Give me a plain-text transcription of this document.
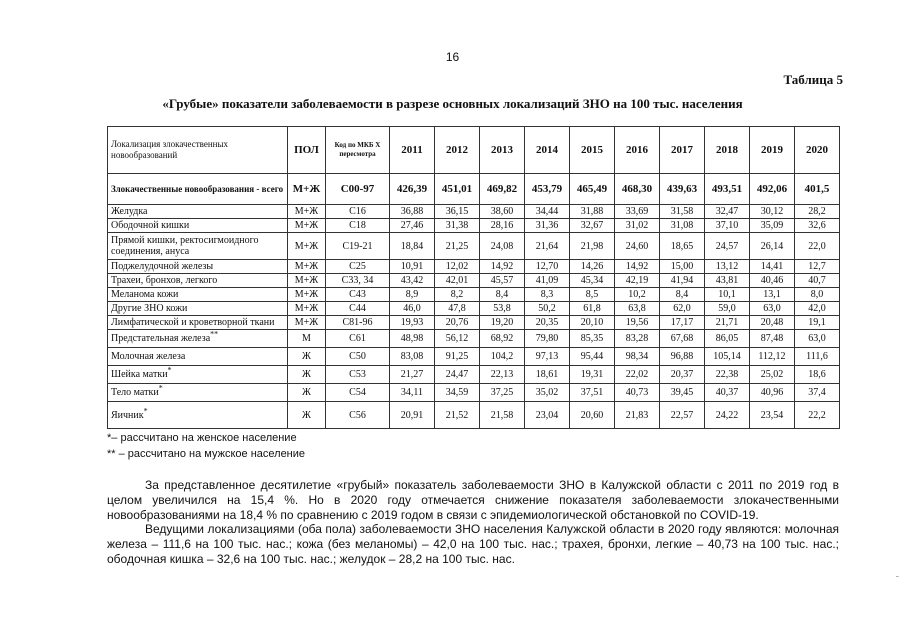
16
Таблица 5
«Грубые» показатели заболеваемости в разрезе основных локализаций ЗНО на 100 тыс. населения
Локализация злокачественных новообразований	ПОЛ	Код по МКБ X пересмотра	2011	2012	2013	2014	2015	2016	2017	2018	2019	2020
Злокачественные новообразования - всего	М+Ж	С00-97	426,39	451,01	469,82	453,79	465,49	468,30	439,63	493,51	492,06	401,5
Желудка	М+Ж	С16	36,88	36,15	38,60	34,44	31,88	33,69	31,58	32,47	30,12	28,2
Ободочной кишки	М+Ж	С18	27,46	31,38	28,16	31,36	32,67	31,02	31,08	37,10	35,09	32,6
Прямой кишки, ректосигмоидного соединения, ануса	М+Ж	С19-21	18,84	21,25	24,08	21,64	21,98	24,60	18,65	24,57	26,14	22,0
Поджелудочной железы	М+Ж	С25	10,91	12,02	14,92	12,70	14,26	14,92	15,00	13,12	14,41	12,7
Трахеи, бронхов, легкого	М+Ж	С33, 34	43,42	42,01	45,57	41,09	45,34	42,19	41,94	43,81	40,46	40,7
Меланома кожи	М+Ж	С43	8,9	8,2	8,4	8,3	8,5	10,2	8,4	10,1	13,1	8,0
Другие ЗНО кожи	М+Ж	С44	46,0	47,8	53,8	50,2	61,8	63,8	62,0	59,0	63,0	42,0
Лимфатической и кроветворной ткани	М+Ж	С81-96	19,93	20,76	19,20	20,35	20,10	19,56	17,17	21,71	20,48	19,1
Предстательная железа**	М	С61	48,98	56,12	68,92	79,80	85,35	83,28	67,68	86,05	87,48	63,0
Молочная железа	Ж	С50	83,08	91,25	104,2	97,13	95,44	98,34	96,88	105,14	112,12	111,6
Шейка матки*	Ж	С53	21,27	24,47	22,13	18,61	19,31	22,02	20,37	22,38	25,02	18,6
Тело матки*	Ж	С54	34,11	34,59	37,25	35,02	37,51	40,73	39,45	40,37	40,96	37,4
Яичник*	Ж	С56	20,91	21,52	21,58	23,04	20,60	21,83	22,57	24,22	23,54	22,2
*– рассчитано на женское население
** – рассчитано на мужское население

За представленное десятилетие «грубый» показатель заболеваемости ЗНО в Калужской области с 2011 по 2019 год в целом увеличился на 15,4 %. Но в 2020 году отмечается снижение показателя заболеваемости злокачественными новообразованиями на 18,4 % по сравнению с 2019 годом в связи с эпидемиологической обстановкой по COVID-19.

Ведущими локализациями (оба пола) заболеваемости ЗНО населения Калужской области в 2020 году являются: молочная железа – 111,6 на 100 тыс. нас.; кожа (без меланомы) – 42,0 на 100 тыс. нас.; трахея, бронхи, легкие – 40,73 на 100 тыс. нас.; ободочная кишка – 32,6 на 100 тыс. нас.; желудок – 28,2 на 100 тыс. нас.

-
